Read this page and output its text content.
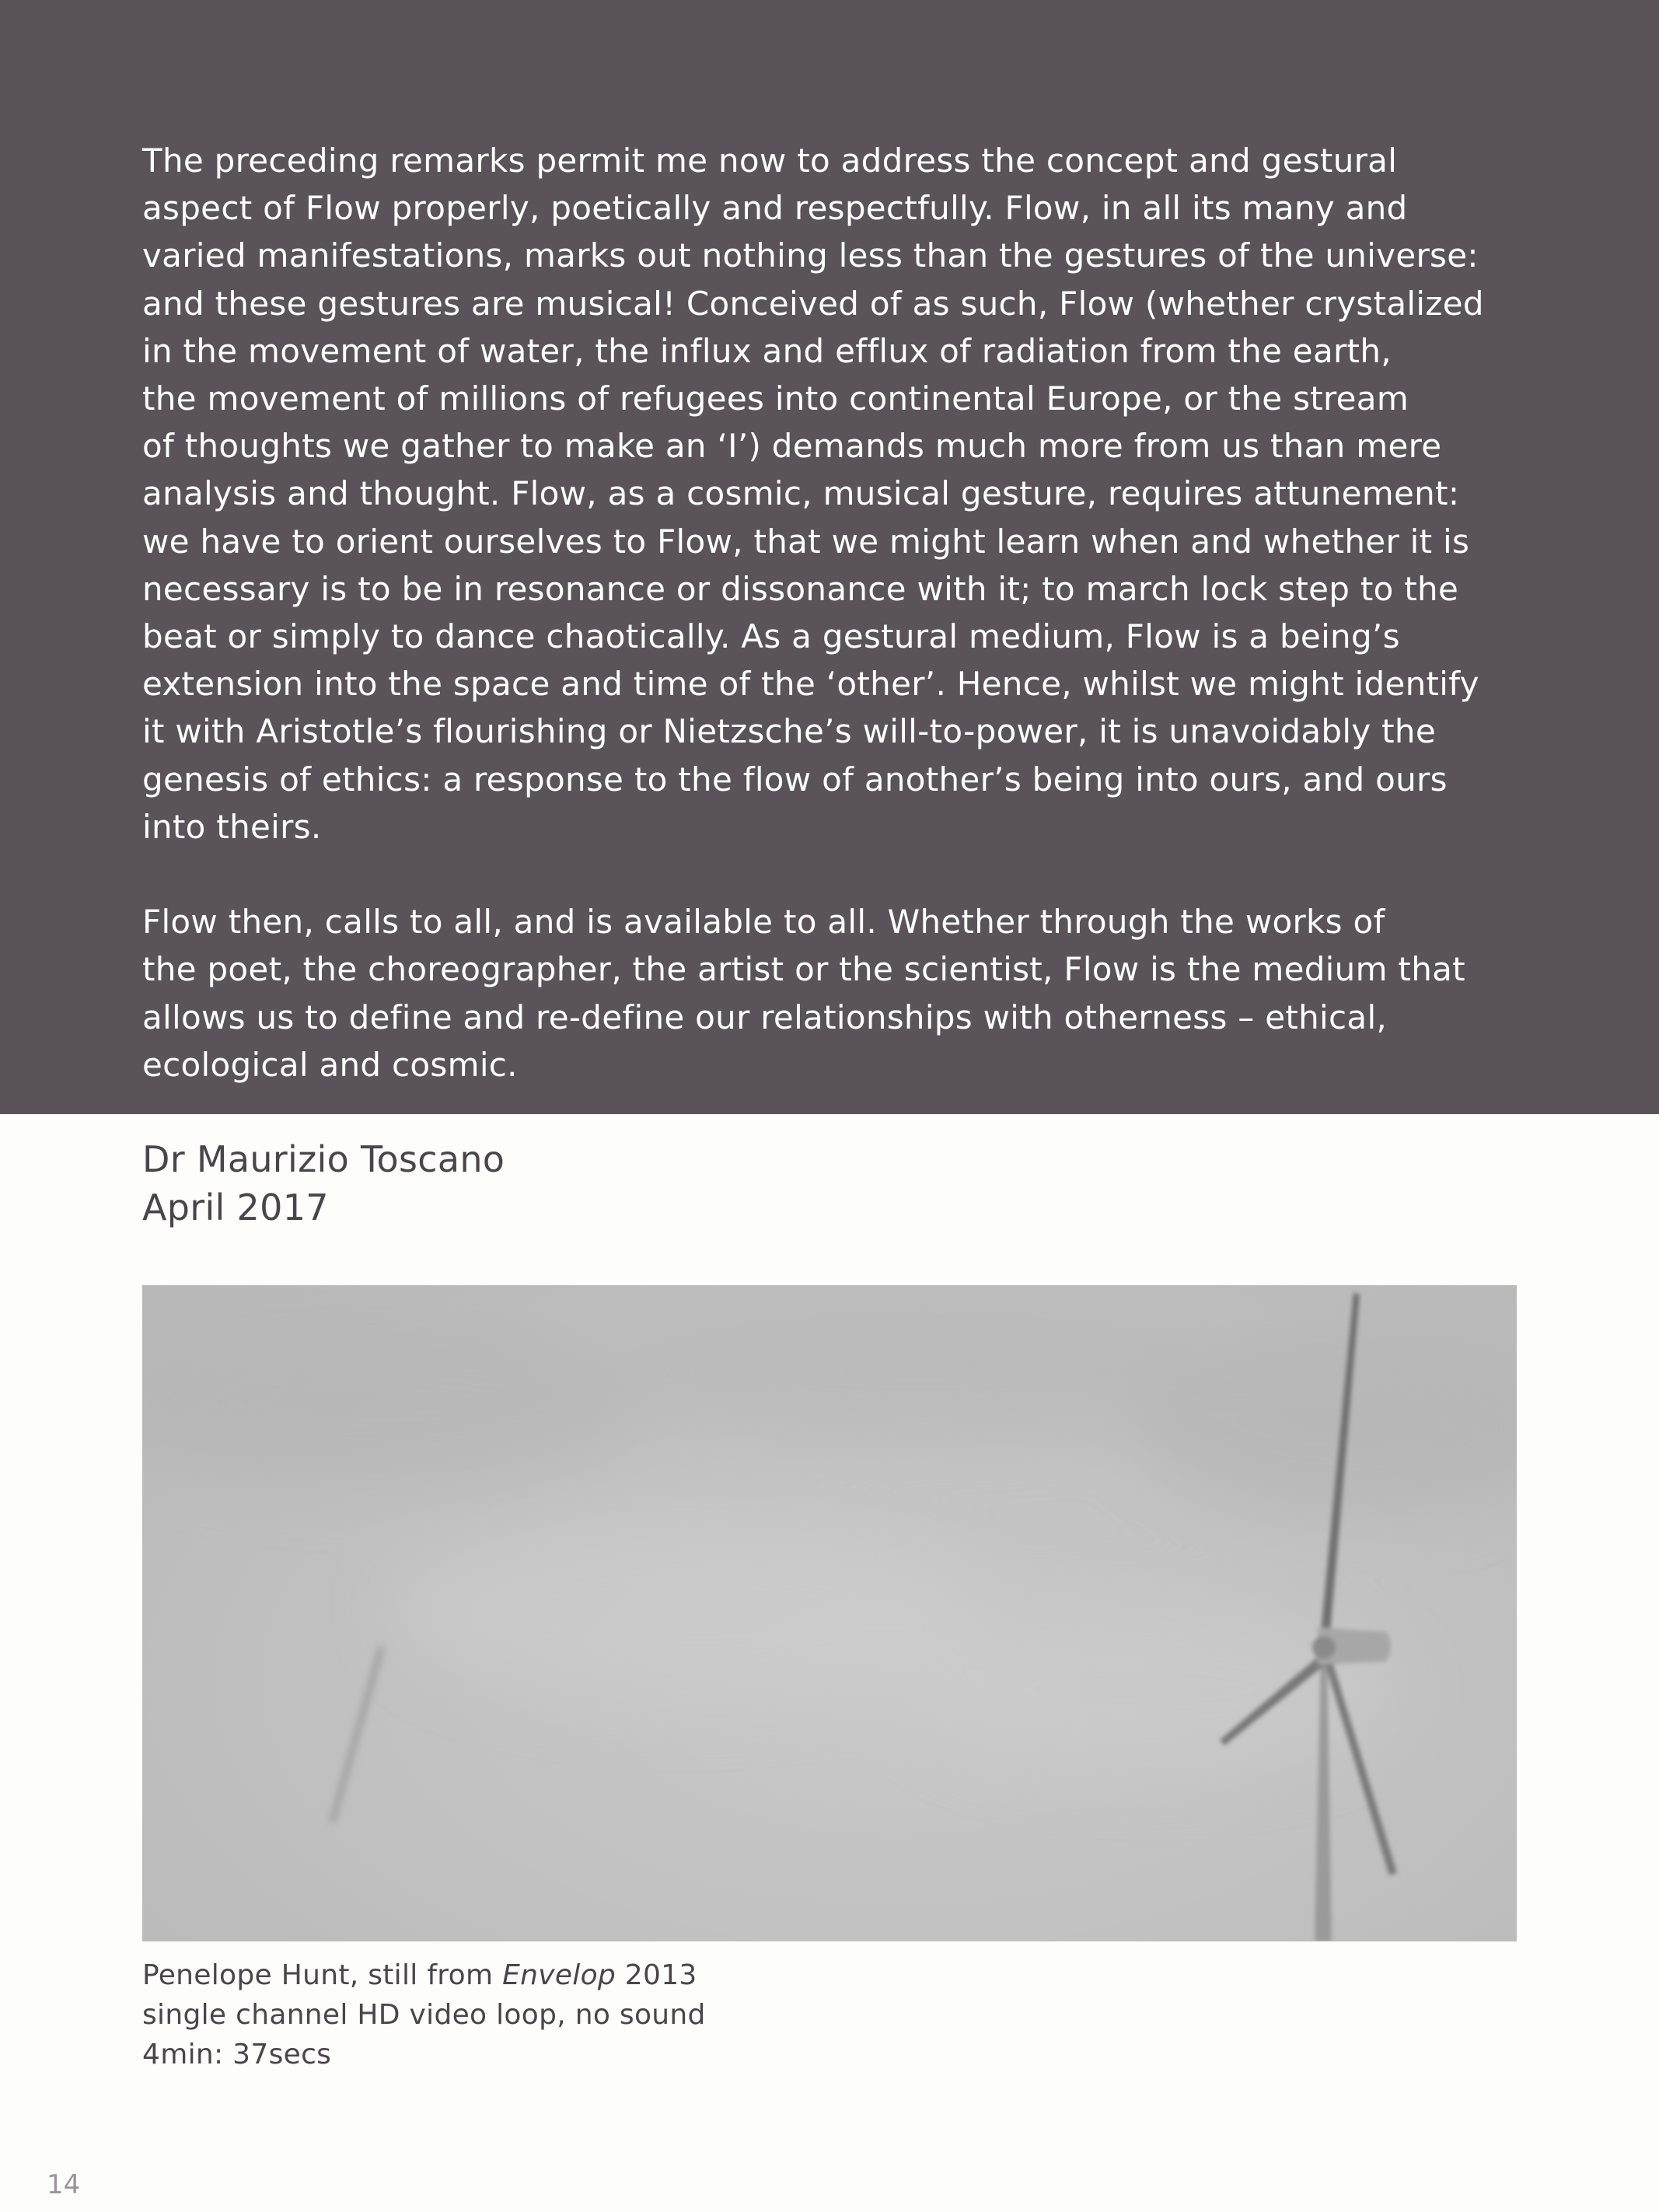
The preceding remarks permit me now to address the concept and gestural
aspect of Flow properly, poetically and respectfully. Flow, in all its many and
varied manifestations, marks out nothing less than the gestures of the universe:
and these gestures are musical! Conceived of as such, Flow (whether crystalized
in the movement of water, the influx and efflux of radiation from the earth,
the movement of millions of refugees into continental Europe, or the stream
of thoughts we gather to make an ‘I’) demands much more from us than mere
analysis and thought. Flow, as a cosmic, musical gesture, requires attunement:
we have to orient ourselves to Flow, that we might learn when and whether it is
necessary is to be in resonance or dissonance with it; to march lock step to the
beat or simply to dance chaotically. As a gestural medium, Flow is a being’s
extension into the space and time of the ‘other’. Hence, whilst we might identify
it with Aristotle’s flourishing or Nietzsche’s will-to-power, it is unavoidably the
genesis of ethics: a response to the flow of another’s being into ours, and ours
into theirs.

Flow then, calls to all, and is available to all. Whether through the works of
the poet, the choreographer, the artist or the scientist, Flow is the medium that
allows us to define and re-define our relationships with otherness – ethical,
ecological and cosmic.

Dr Maurizio Toscano
April 2017
Penelope Hunt, still from Envelop 2013
single channel HD video loop, no sound
4min: 37secs
14
